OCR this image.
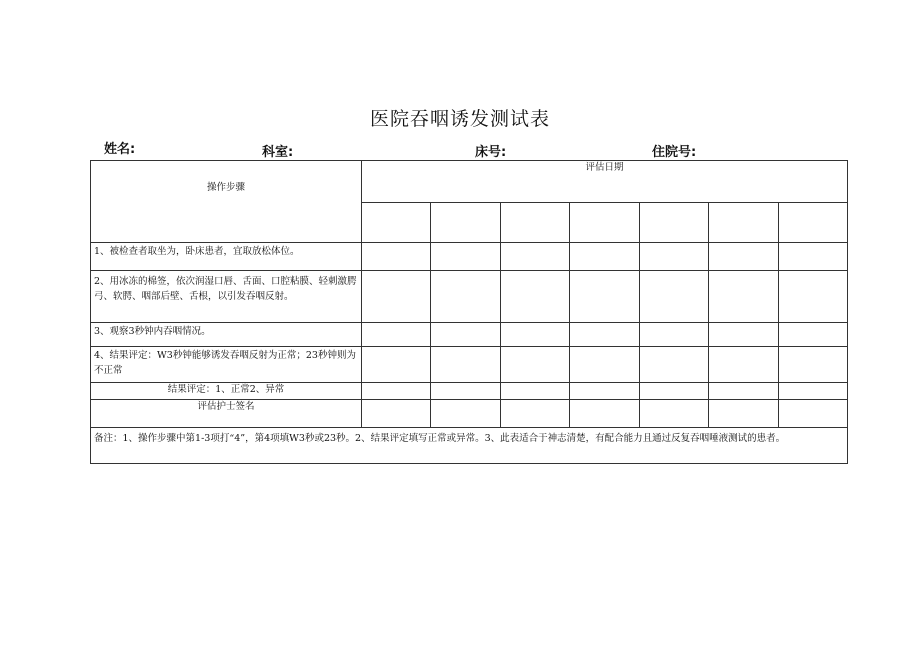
医院吞咽诱发测试表
姓名:	科室:	床号:	住院号:
操作步骤	评估日期						

1、被检查者取坐为，卧床患者，宜取放松体位。							
2、用冰冻的棉签，依次润湿口唇、舌面、口腔粘膜、轻刺激腭弓、软腭、咽部后壁、舌根，以引发吞咽反射。							
3、观察3秒钟内吞咽情况。							
4、结果评定：W3秒钟能够诱发吞咽反射为正常；23秒钟则为不正常							
结果评定：1、正常2、异常							
评估护士签名							
备注：1、操作步骤中第1-3项打“4”，第4项填W3秒或23秒。2、结果评定填写正常或异常。3、此表适合于神志清楚，有配合能力且通过反复吞咽唾液测试的患者。							
